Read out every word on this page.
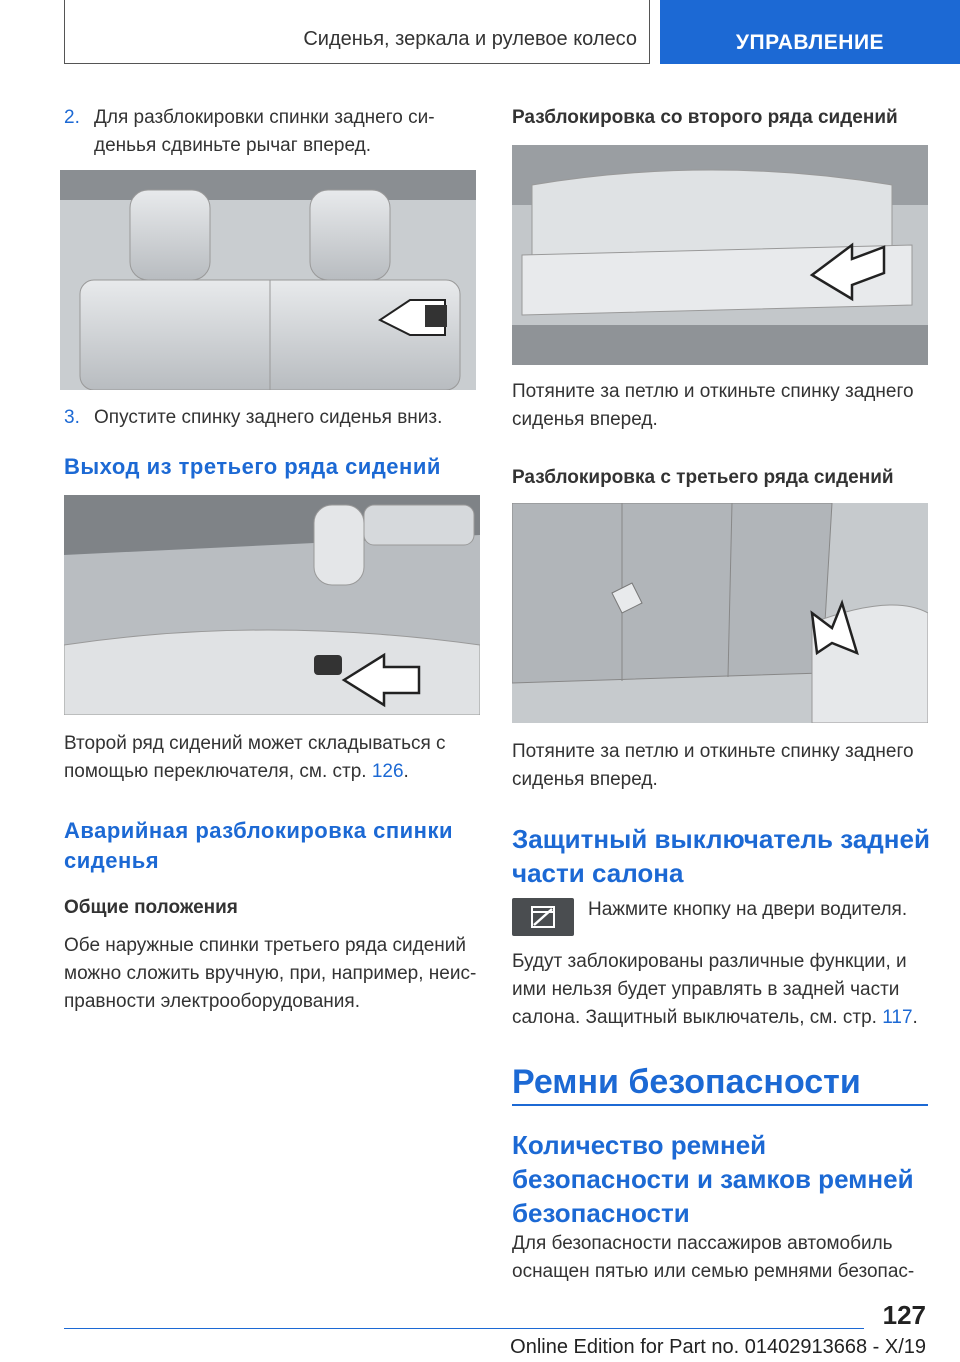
Сиденья, зеркала и рулевое колесо	УПРАВЛЕНИЕ
2. Для разблокировки спинки заднего си-деньья сдвиньте рычаг вперед.
3. Опустите спинку заднего сиденья вниз.
Выход из третьего ряда сидений

Второй ряд сидений может складываться с помощью переключателя, см. стр. 126.

Аварийная разблокировка спинки сиденья
Общие положения

Обе наружные спинки третьего ряда сидений можно сложить вручную, при, например, неис-правности электрооборудования.

Разблокировка со второго ряда сидений

Потяните за петлю и откиньте спинку заднего сиденья вперед.

Разблокировка с третьего ряда сидений

Потяните за петлю и откиньте спинку заднего сиденья вперед.

Защитный выключатель задней части салона

Нажмите кнопку на двери водителя.

Будут заблокированы различные функции, и ими нельзя будет управлять в задней части салона. Защитный выключатель, см. стр. 117.

Ремни безопасности
Количество ремней безопасности и замков ремней безопасности

Для безопасности пассажиров автомобиль оснащен пятью или семью ремнями безопас-

127
Online Edition for Part no. 01402913668 - X/19
